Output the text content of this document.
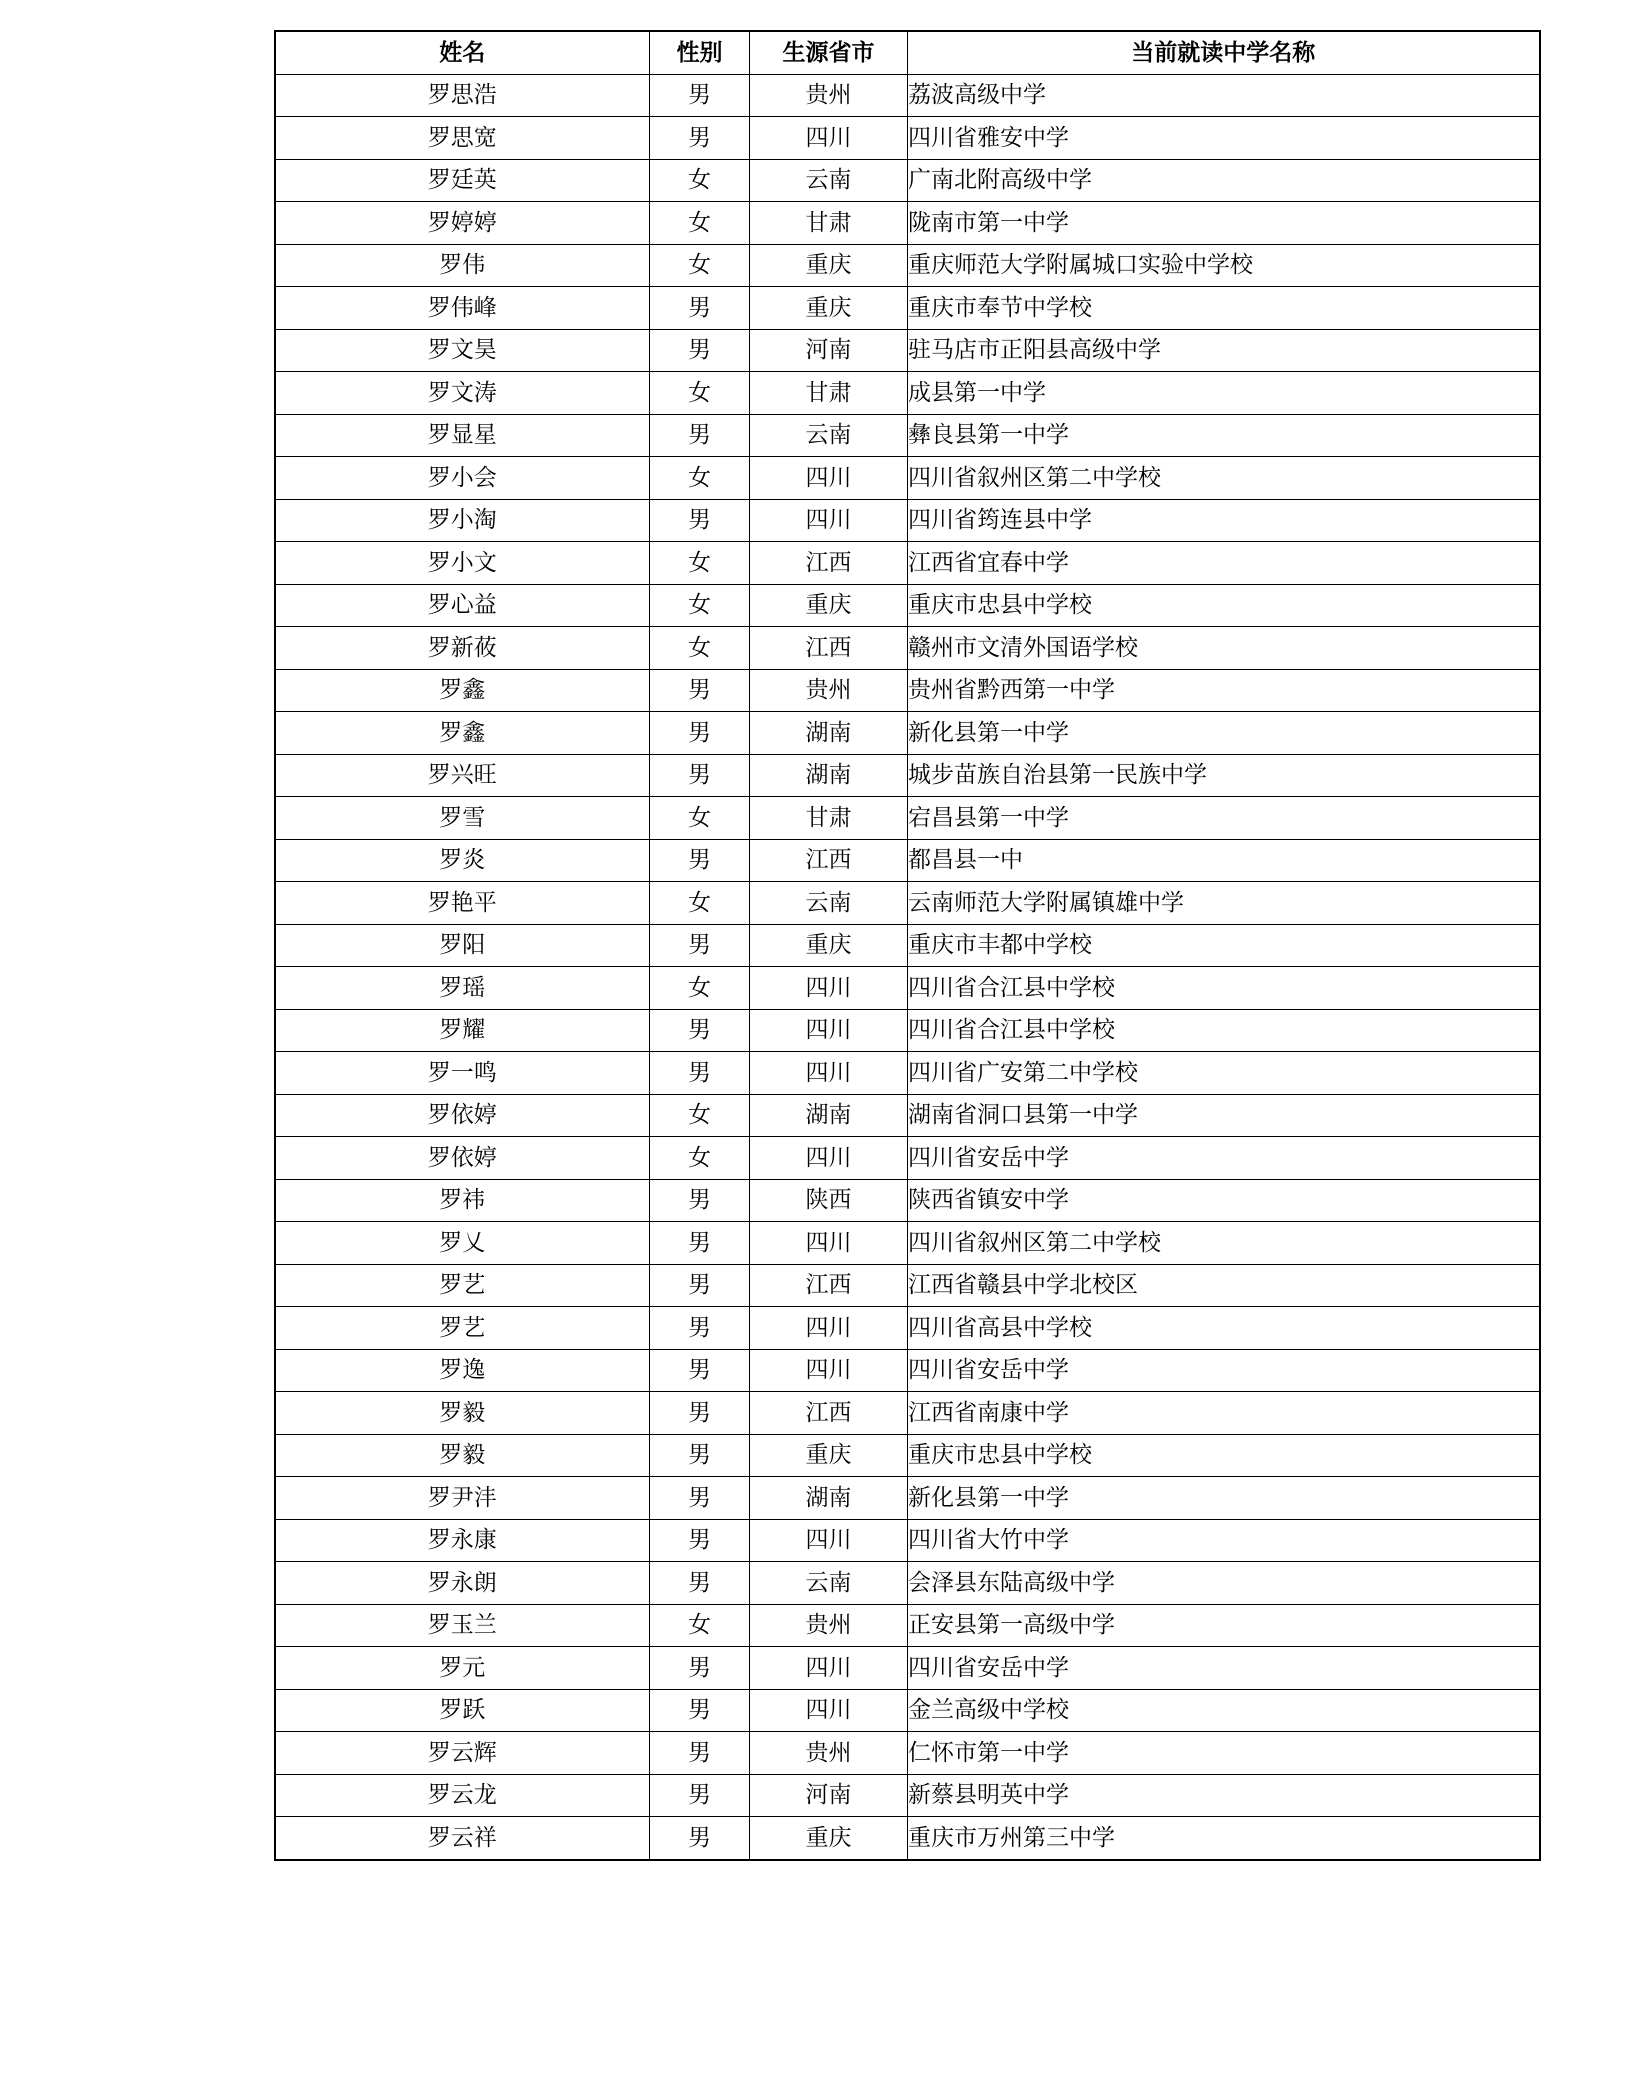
姓名	性别	生源省市	当前就读中学名称
罗思浩	男	贵州	荔波高级中学
罗思宽	男	四川	四川省雅安中学
罗廷英	女	云南	广南北附高级中学
罗婷婷	女	甘肃	陇南市第一中学
罗伟	女	重庆	重庆师范大学附属城口实验中学校
罗伟峰	男	重庆	重庆市奉节中学校
罗文昊	男	河南	驻马店市正阳县高级中学
罗文涛	女	甘肃	成县第一中学
罗显星	男	云南	彝良县第一中学
罗小会	女	四川	四川省叙州区第二中学校
罗小淘	男	四川	四川省筠连县中学
罗小文	女	江西	江西省宜春中学
罗心益	女	重庆	重庆市忠县中学校
罗新莜	女	江西	赣州市文清外国语学校
罗鑫	男	贵州	贵州省黔西第一中学
罗鑫	男	湖南	新化县第一中学
罗兴旺	男	湖南	城步苗族自治县第一民族中学
罗雪	女	甘肃	宕昌县第一中学
罗炎	男	江西	都昌县一中
罗艳平	女	云南	云南师范大学附属镇雄中学
罗阳	男	重庆	重庆市丰都中学校
罗瑶	女	四川	四川省合江县中学校
罗耀	男	四川	四川省合江县中学校
罗一鸣	男	四川	四川省广安第二中学校
罗依婷	女	湖南	湖南省洞口县第一中学
罗依婷	女	四川	四川省安岳中学
罗祎	男	陕西	陕西省镇安中学
罗乂	男	四川	四川省叙州区第二中学校
罗艺	男	江西	江西省赣县中学北校区
罗艺	男	四川	四川省高县中学校
罗逸	男	四川	四川省安岳中学
罗毅	男	江西	江西省南康中学
罗毅	男	重庆	重庆市忠县中学校
罗尹沣	男	湖南	新化县第一中学
罗永康	男	四川	四川省大竹中学
罗永朗	男	云南	会泽县东陆高级中学
罗玉兰	女	贵州	正安县第一高级中学
罗元	男	四川	四川省安岳中学
罗跃	男	四川	金兰高级中学校
罗云辉	男	贵州	仁怀市第一中学
罗云龙	男	河南	新蔡县明英中学
罗云祥	男	重庆	重庆市万州第三中学
